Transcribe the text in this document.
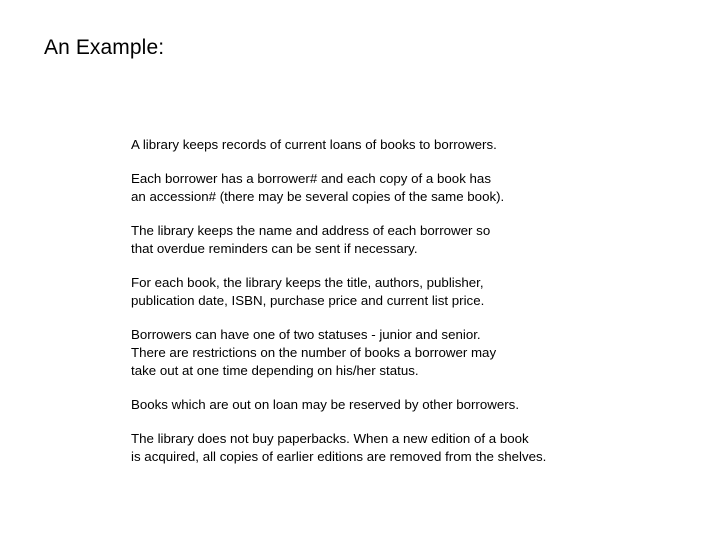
An Example:

A library keeps records of current loans of books to borrowers.

Each borrower has a borrower# and each copy of a book has
an accession# (there may be several copies of the same book).

The library keeps the name and address of each borrower so
that overdue reminders can be sent if necessary.

For each book, the library keeps the title, authors, publisher,
publication date, ISBN, purchase price and current list price.

Borrowers can have one of two statuses - junior and senior.
There are restrictions on the number of books a borrower may
take out at one time depending on his/her status.

Books which are out on loan may be reserved by other borrowers.

The library does not buy paperbacks. When a new edition of a book
is acquired, all copies of earlier editions are removed from the shelves.
